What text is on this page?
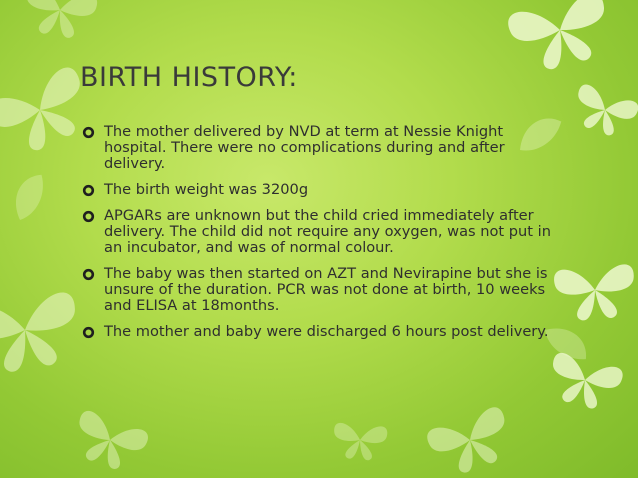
BIRTH HISTORY:
The mother delivered by NVD at term at Nessie Knight hospital. There were no complications during and after delivery.
The birth weight was 3200g
APGARs are unknown but the child cried immediately after delivery. The child did not require any oxygen, was not put in an incubator, and was of normal colour.
The baby was then started on AZT and Nevirapine but she is unsure of the duration. PCR was not done at birth, 10 weeks and ELISA at 18months.
The mother and baby were discharged 6 hours post delivery.
